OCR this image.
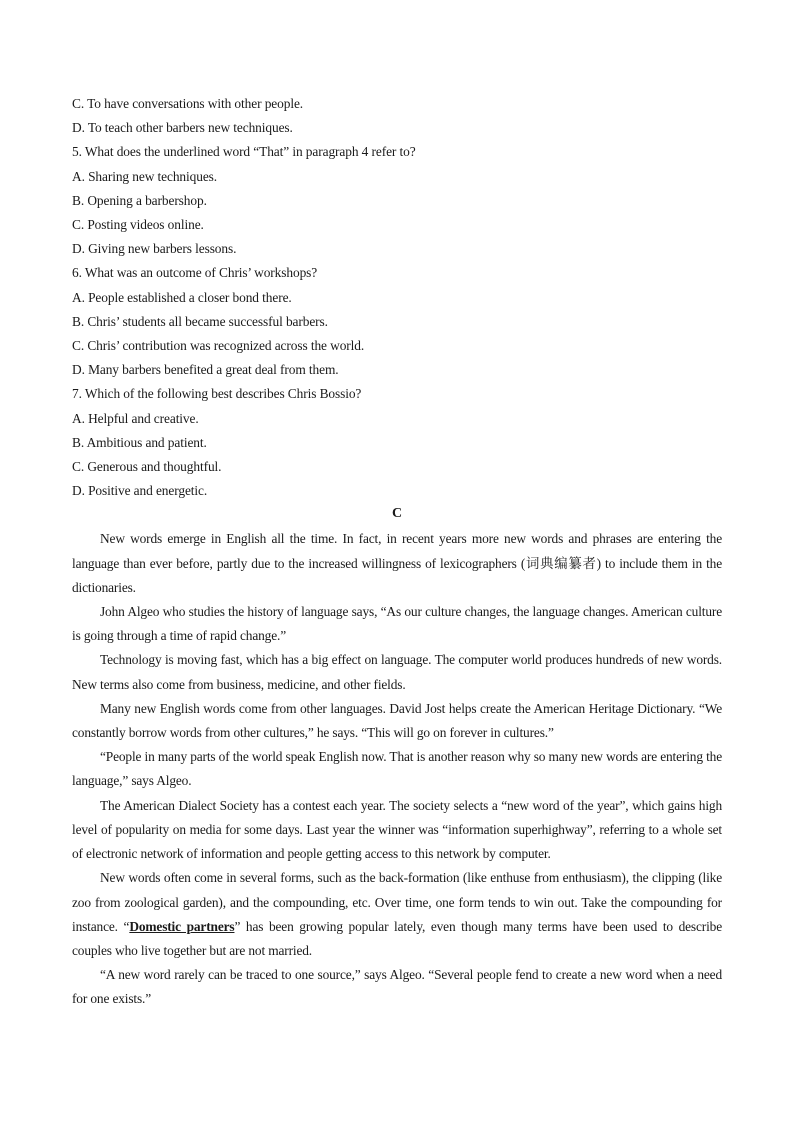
C. To have conversations with other people.
D. To teach other barbers new techniques.
5. What does the underlined word “That” in paragraph 4 refer to?
A. Sharing new techniques.
B. Opening a barbershop.
C. Posting videos online.
D. Giving new barbers lessons.
6. What was an outcome of Chris’ workshops?
A. People established a closer bond there.
B. Chris’ students all became successful barbers.
C. Chris’ contribution was recognized across the world.
D. Many barbers benefited a great deal from them.
7. Which of the following best describes Chris Bossio?
A. Helpful and creative.
B. Ambitious and patient.
C. Generous and thoughtful.
D. Positive and energetic.
C
New words emerge in English all the time. In fact, in recent years more new words and phrases are entering the language than ever before, partly due to the increased willingness of lexicographers (词典编纂者) to include them in the dictionaries.
John Algeo who studies the history of language says, “As our culture changes, the language changes. American culture is going through a time of rapid change.”
Technology is moving fast, which has a big effect on language. The computer world produces hundreds of new words. New terms also come from business, medicine, and other fields.
Many new English words come from other languages. David Jost helps create the American Heritage Dictionary. “We constantly borrow words from other cultures,” he says. “This will go on forever in cultures.”
“People in many parts of the world speak English now. That is another reason why so many new words are entering the language,” says Algeo.
The American Dialect Society has a contest each year. The society selects a “new word of the year”, which gains high level of popularity on media for some days. Last year the winner was “information superhighway”, referring to a whole set of electronic network of information and people getting access to this network by computer.
New words often come in several forms, such as the back-formation (like enthuse from enthusiasm), the clipping (like zoo from zoological garden), and the compounding, etc. Over time, one form tends to win out. Take the compounding for instance. “Domestic partners” has been growing popular lately, even though many terms have been used to describe couples who live together but are not married.
“A new word rarely can be traced to one source,” says Algeo. “Several people fend to create a new word when a need for one exists.”
